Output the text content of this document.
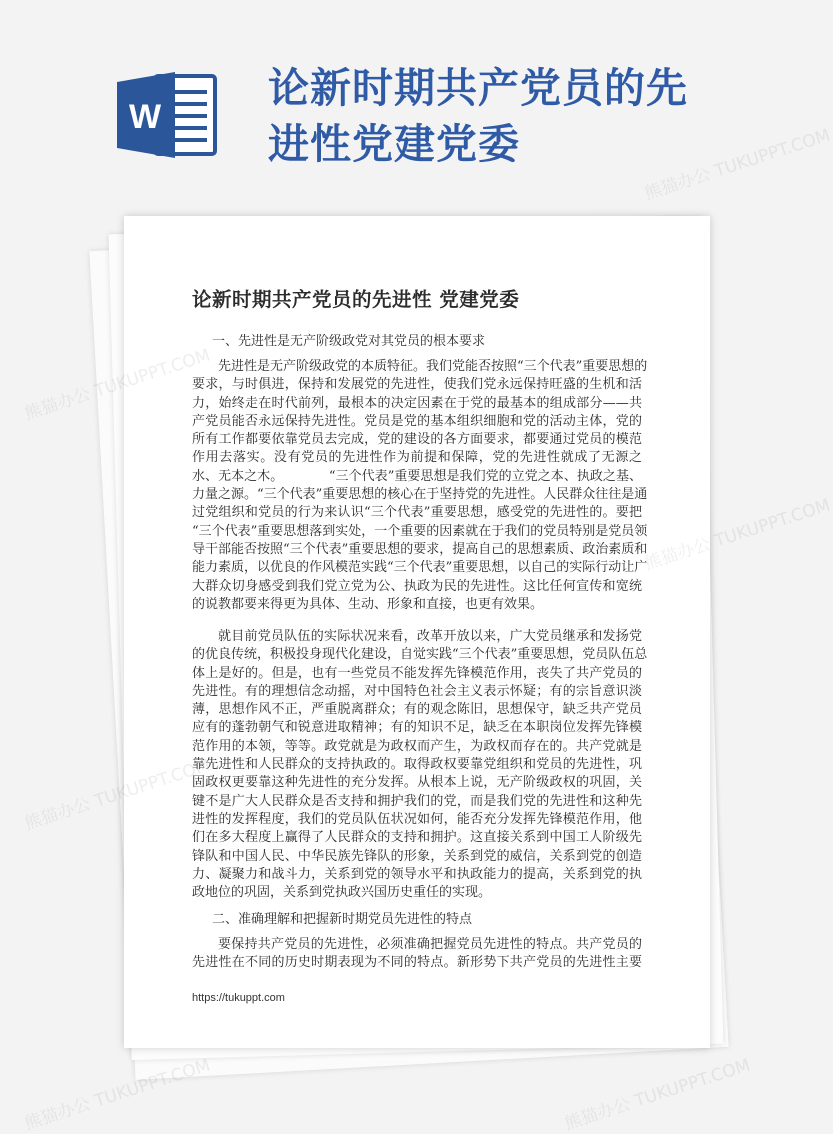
W
论新时期共产党员的先
进性党建党委
论新时期共产党员的先进性 党建党委
一、先进性是无产阶级政党对其党员的根本要求
先进性是无产阶级政党的本质特征。我们党能否按照“三个代表”重要思想的
要求，与时俱进，保持和发展党的先进性，使我们党永远保持旺盛的生机和活
力，始终走在时代前列，最根本的决定因素在于党的最基本的组成部分——共
产党员能否永远保持先进性。党员是党的基本组织细胞和党的活动主体，党的
所有工作都要依靠党员去完成，党的建设的各方面要求，都要通过党员的模范
作用去落实。没有党员的先进性作为前提和保障，党的先进性就成了无源之
水、无本之木。　　　　“三个代表”重要思想是我们党的立党之本、执政之基、
力量之源。“三个代表”重要思想的核心在于坚持党的先进性。人民群众往往是通
过党组织和党员的行为来认识“三个代表”重要思想，感受党的先进性的。要把
“三个代表”重要思想落到实处，一个重要的因素就在于我们的党员特别是党员领
导干部能否按照“三个代表”重要思想的要求，提高自己的思想素质、政治素质和
能力素质，以优良的作风模范实践“三个代表”重要思想，以自己的实际行动让广
大群众切身感受到我们党立党为公、执政为民的先进性。这比任何宣传和宽统
的说教都要来得更为具体、生动、形象和直接，也更有效果。
就目前党员队伍的实际状况来看，改革开放以来，广大党员继承和发扬党
的优良传统，积极投身现代化建设，自觉实践“三个代表”重要思想，党员队伍总
体上是好的。但是，也有一些党员不能发挥先锋模范作用，丧失了共产党员的
先进性。有的理想信念动摇，对中国特色社会主义表示怀疑；有的宗旨意识淡
薄，思想作风不正，严重脱离群众；有的观念陈旧，思想保守，缺乏共产党员
应有的蓬勃朝气和锐意进取精神；有的知识不足，缺乏在本职岗位发挥先锋模
范作用的本领，等等。政党就是为政权而产生，为政权而存在的。共产党就是
靠先进性和人民群众的支持执政的。取得政权要靠党组织和党员的先进性，巩
固政权更要靠这种先进性的充分发挥。从根本上说，无产阶级政权的巩固，关
键不是广大人民群众是否支持和拥护我们的党，而是我们党的先进性和这种先
进性的发挥程度，我们的党员队伍状况如何，能否充分发挥先锋模范作用，他
们在多大程度上赢得了人民群众的支持和拥护。这直接关系到中国工人阶级先
锋队和中国人民、中华民族先锋队的形象，关系到党的威信，关系到党的创造
力、凝聚力和战斗力，关系到党的领导水平和执政能力的提高，关系到党的执
政地位的巩固，关系到党执政兴国历史重任的实现。
二、准确理解和把握新时期党员先进性的特点
要保持共产党员的先进性，必须准确把握党员先进性的特点。共产党员的
先进性在不同的历史时期表现为不同的特点。新形势下共产党员的先进性主要
https://tukuppt.com
熊猫办公 TUKUPPT.COM
熊猫办公
熊猫办公 TUKUPPT.COM
熊猫办公 TUKUPPT.COM
熊猫办公 TUKUPPT.COM
熊猫办公 TUKUPPT.COM
